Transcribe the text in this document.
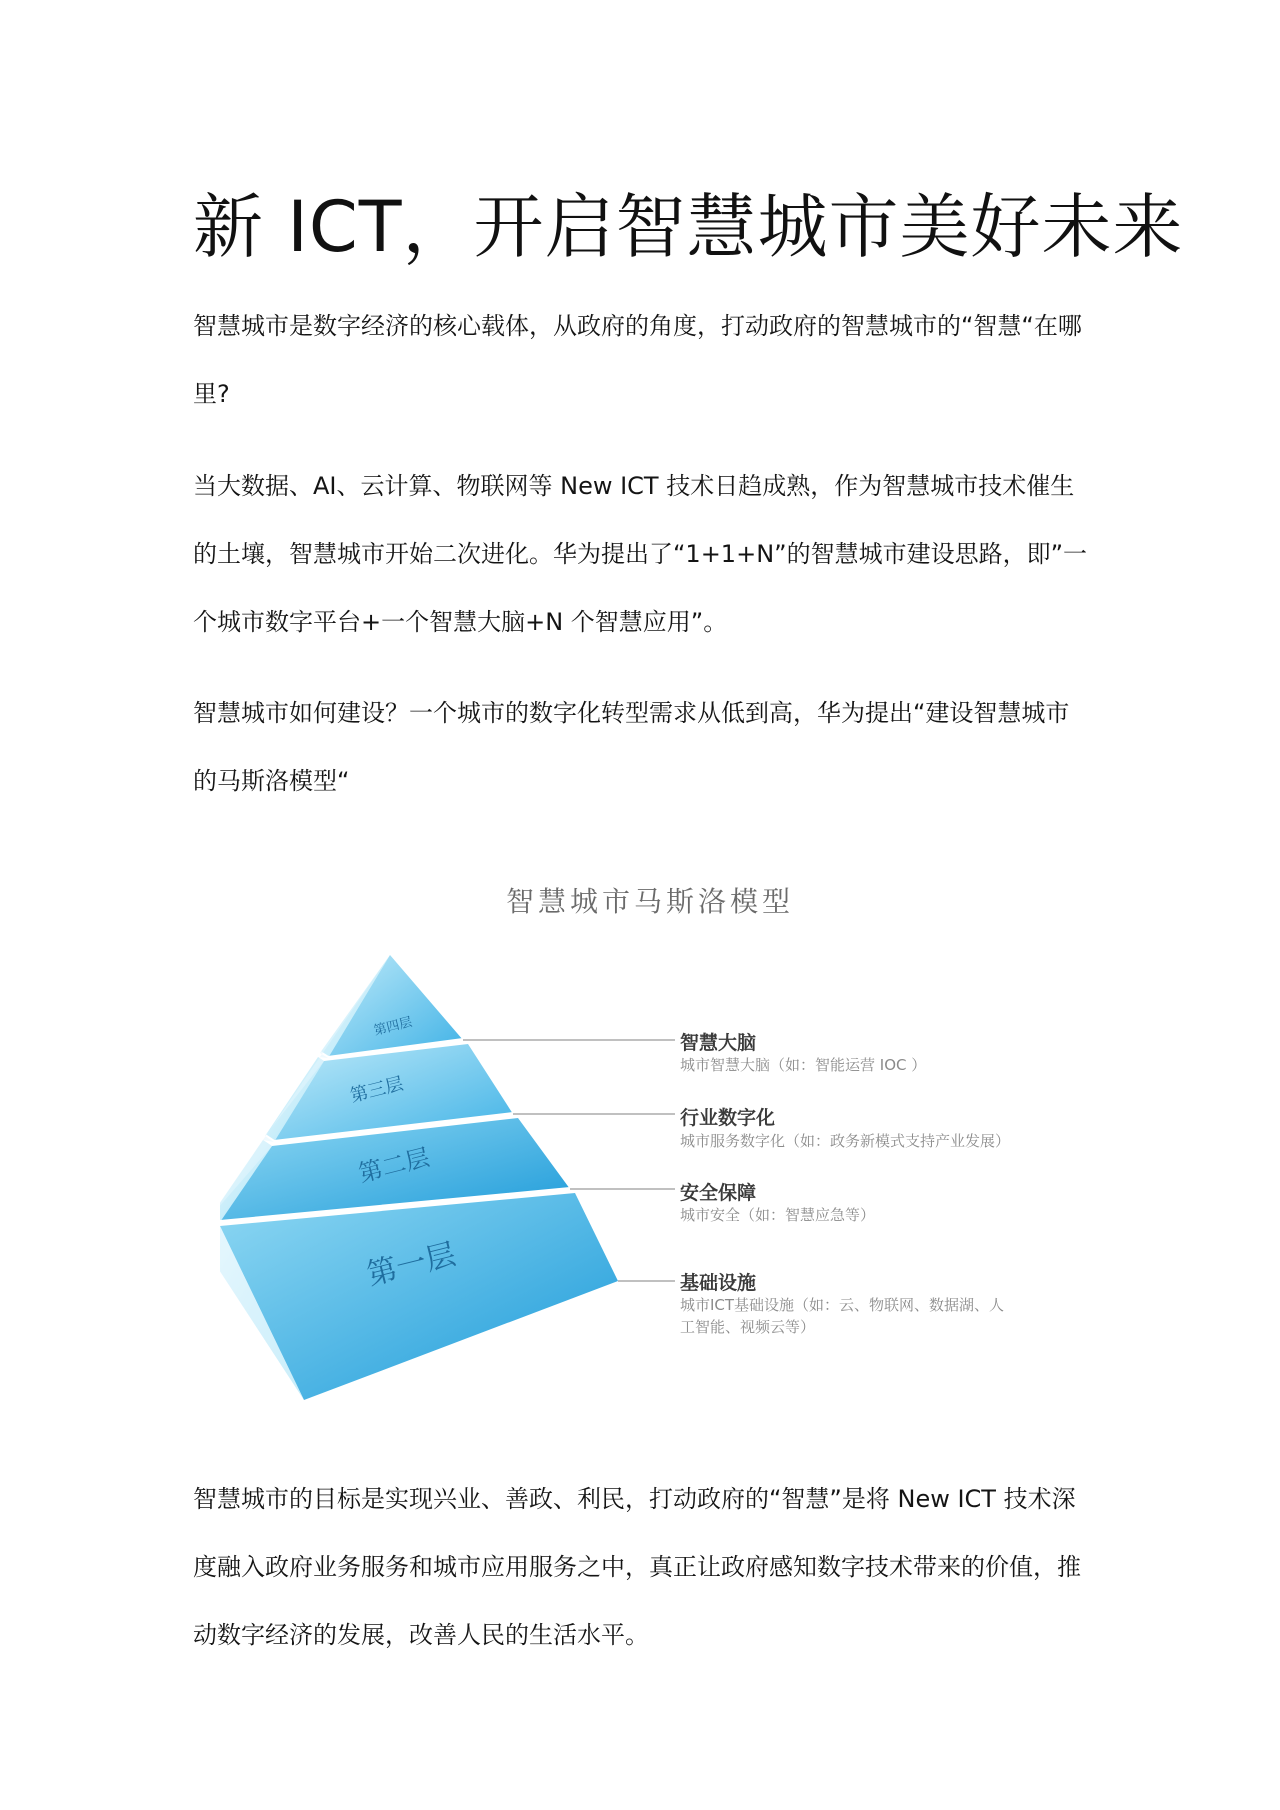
新 ICT，开启智慧城市美好未来

智慧城市是数字经济的核心载体，从政府的角度，打动政府的智慧城市的“智慧“在哪里?

当大数据、AI、云计算、物联网等 New ICT 技术日趋成熟，作为智慧城市技术催生的土壤，智慧城市开始二次进化。华为提出了“1+1+N”的智慧城市建设思路，即”一个城市数字平台+一个智慧大脑+N 个智慧应用”。

智慧城市如何建设？一个城市的数字化转型需求从低到高，华为提出“建设智慧城市的马斯洛模型“

第四层
第三层
第二层
第一层

智慧城市马斯洛模型

智慧大脑
城市智慧大脑（如：智能运营 IOC ）
行业数字化
城市服务数字化（如：政务新模式支持产业发展）
安全保障
城市安全（如：智慧应急等）
基础设施
城市ICT基础设施（如：云、物联网、数据湖、人
工智能、视频云等）

智慧城市的目标是实现兴业、善政、利民，打动政府的“智慧”是将 New ICT 技术深度融入政府业务服务和城市应用服务之中，真正让政府感知数字技术带来的价值，推动数字经济的发展，改善人民的生活水平。
